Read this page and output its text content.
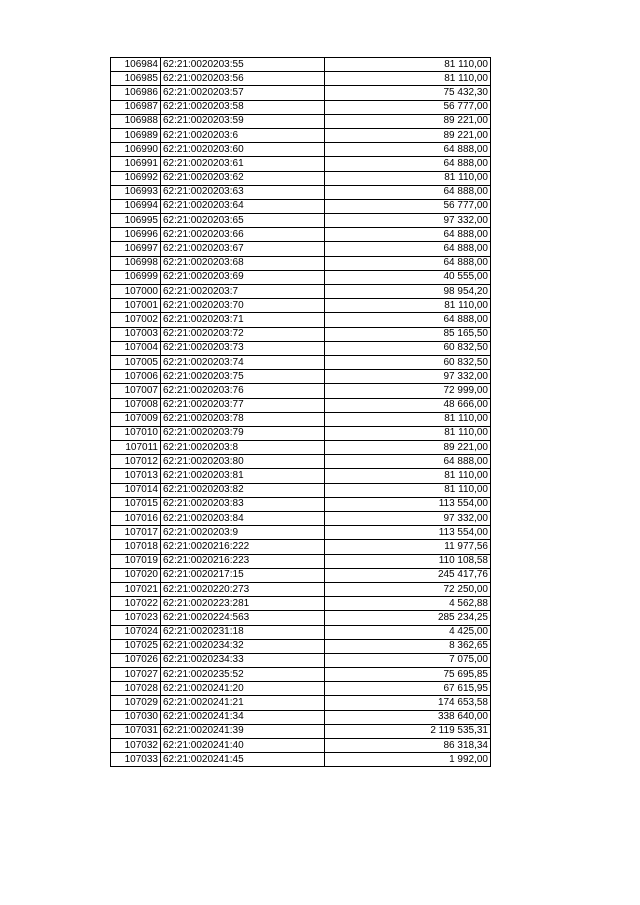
106984	62:21:0020203:55	81 110,00
106985	62:21:0020203:56	81 110,00
106986	62:21:0020203:57	75 432,30
106987	62:21:0020203:58	56 777,00
106988	62:21:0020203:59	89 221,00
106989	62:21:0020203:6	89 221,00
106990	62:21:0020203:60	64 888,00
106991	62:21:0020203:61	64 888,00
106992	62:21:0020203:62	81 110,00
106993	62:21:0020203:63	64 888,00
106994	62:21:0020203:64	56 777,00
106995	62:21:0020203:65	97 332,00
106996	62:21:0020203:66	64 888,00
106997	62:21:0020203:67	64 888,00
106998	62:21:0020203:68	64 888,00
106999	62:21:0020203:69	40 555,00
107000	62:21:0020203:7	98 954,20
107001	62:21:0020203:70	81 110,00
107002	62:21:0020203:71	64 888,00
107003	62:21:0020203:72	85 165,50
107004	62:21:0020203:73	60 832,50
107005	62:21:0020203:74	60 832,50
107006	62:21:0020203:75	97 332,00
107007	62:21:0020203:76	72 999,00
107008	62:21:0020203:77	48 666,00
107009	62:21:0020203:78	81 110,00
107010	62:21:0020203:79	81 110,00
107011	62:21:0020203:8	89 221,00
107012	62:21:0020203:80	64 888,00
107013	62:21:0020203:81	81 110,00
107014	62:21:0020203:82	81 110,00
107015	62:21:0020203:83	113 554,00
107016	62:21:0020203:84	97 332,00
107017	62:21:0020203:9	113 554,00
107018	62:21:0020216:222	11 977,56
107019	62:21:0020216:223	110 108,58
107020	62:21:0020217:15	245 417,76
107021	62:21:0020220:273	72 250,00
107022	62:21:0020223:281	4 562,88
107023	62:21:0020224:563	285 234,25
107024	62:21:0020231:18	4 425,00
107025	62:21:0020234:32	8 362,65
107026	62:21:0020234:33	7 075,00
107027	62:21:0020235:52	75 695,85
107028	62:21:0020241:20	67 615,95
107029	62:21:0020241:21	174 653,58
107030	62:21:0020241:34	338 640,00
107031	62:21:0020241:39	2 119 535,31
107032	62:21:0020241:40	86 318,34
107033	62:21:0020241:45	1 992,00
